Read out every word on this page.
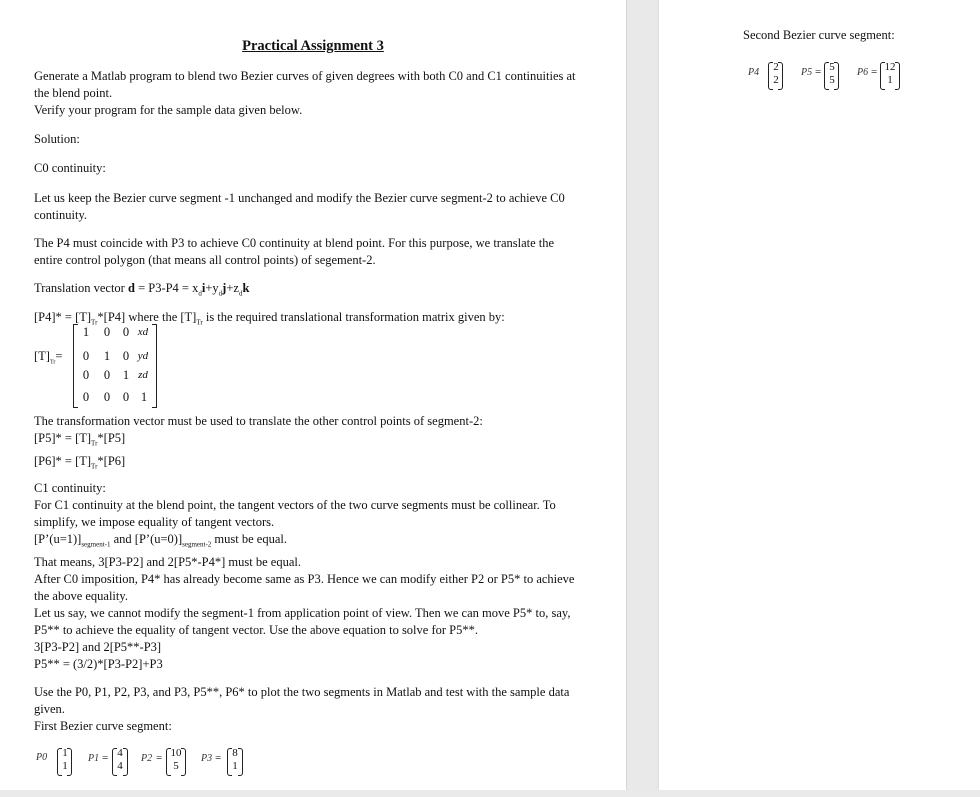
Practical Assignment 3
Generate a Matlab program to blend two Bezier curves of given degrees with both C0 and C1 continuities at
the blend point.
Verify your program for the sample data given below.
Solution:
C0 continuity:
Let us keep the Bezier curve segment -1 unchanged and modify the Bezier curve segment-2 to achieve C0
continuity.
The P4 must coincide with P3 to achieve C0 continuity at blend point. For this purpose, we translate the
entire control polygon (that means all control points) of segement-2.
Translation vector $d = P3-P4 = x_di+y_dj+z_dk$
$[P4]* = [T]_{Tr}*[P4]$ where the $[T]_{Tr}$ is the required translational transformation matrix given by:
$[T]_{Tr}=$
1	0	0 xd
0	1	0 yd
0	0	1 zd
0	0	0 1
The transformation vector must be used to translate the other control points of segment-2:
$[P5]* = [T]_{Tr}*[P5]$
$[P6]* = [T]_{Tr}*[P6]$
C1 continuity:
For C1 continuity at the blend point, the tangent vectors of the two curve segments must be collinear. To
simplify, we impose equality of tangent vectors.
$[P’(u=1)]_{segment-1}$ and $[P’(u=0)]_{segment-2}$ must be equal.
That means, 3[P3-P2] and 2[P5*-P4*] must be equal.
After C0 imposition, P4* has already become same as P3. Hence we can modify either P2 or P5* to achieve
the above equality.
Let us say, we cannot modify the segment-1 from application point of view. Then we can move P5* to, say,
P5** to achieve the equality of tangent vector. Use the above equation to solve for P5**.
3[P3-P2] and 2[P5**-P3]
P5** = (3/2)*[P3-P2]+P3
Use the P0, P1, P2, P3, and P3, P5**, P6* to plot the two segments in Matlab and test with the sample data
given.
First Bezier curve segment:
P0 1
1
P1 = 4
4
P2 = 10
5
P3 = 8
1
Second Bezier curve segment:
P4 2
2
P5 = 5
5
P6 = 12
1
